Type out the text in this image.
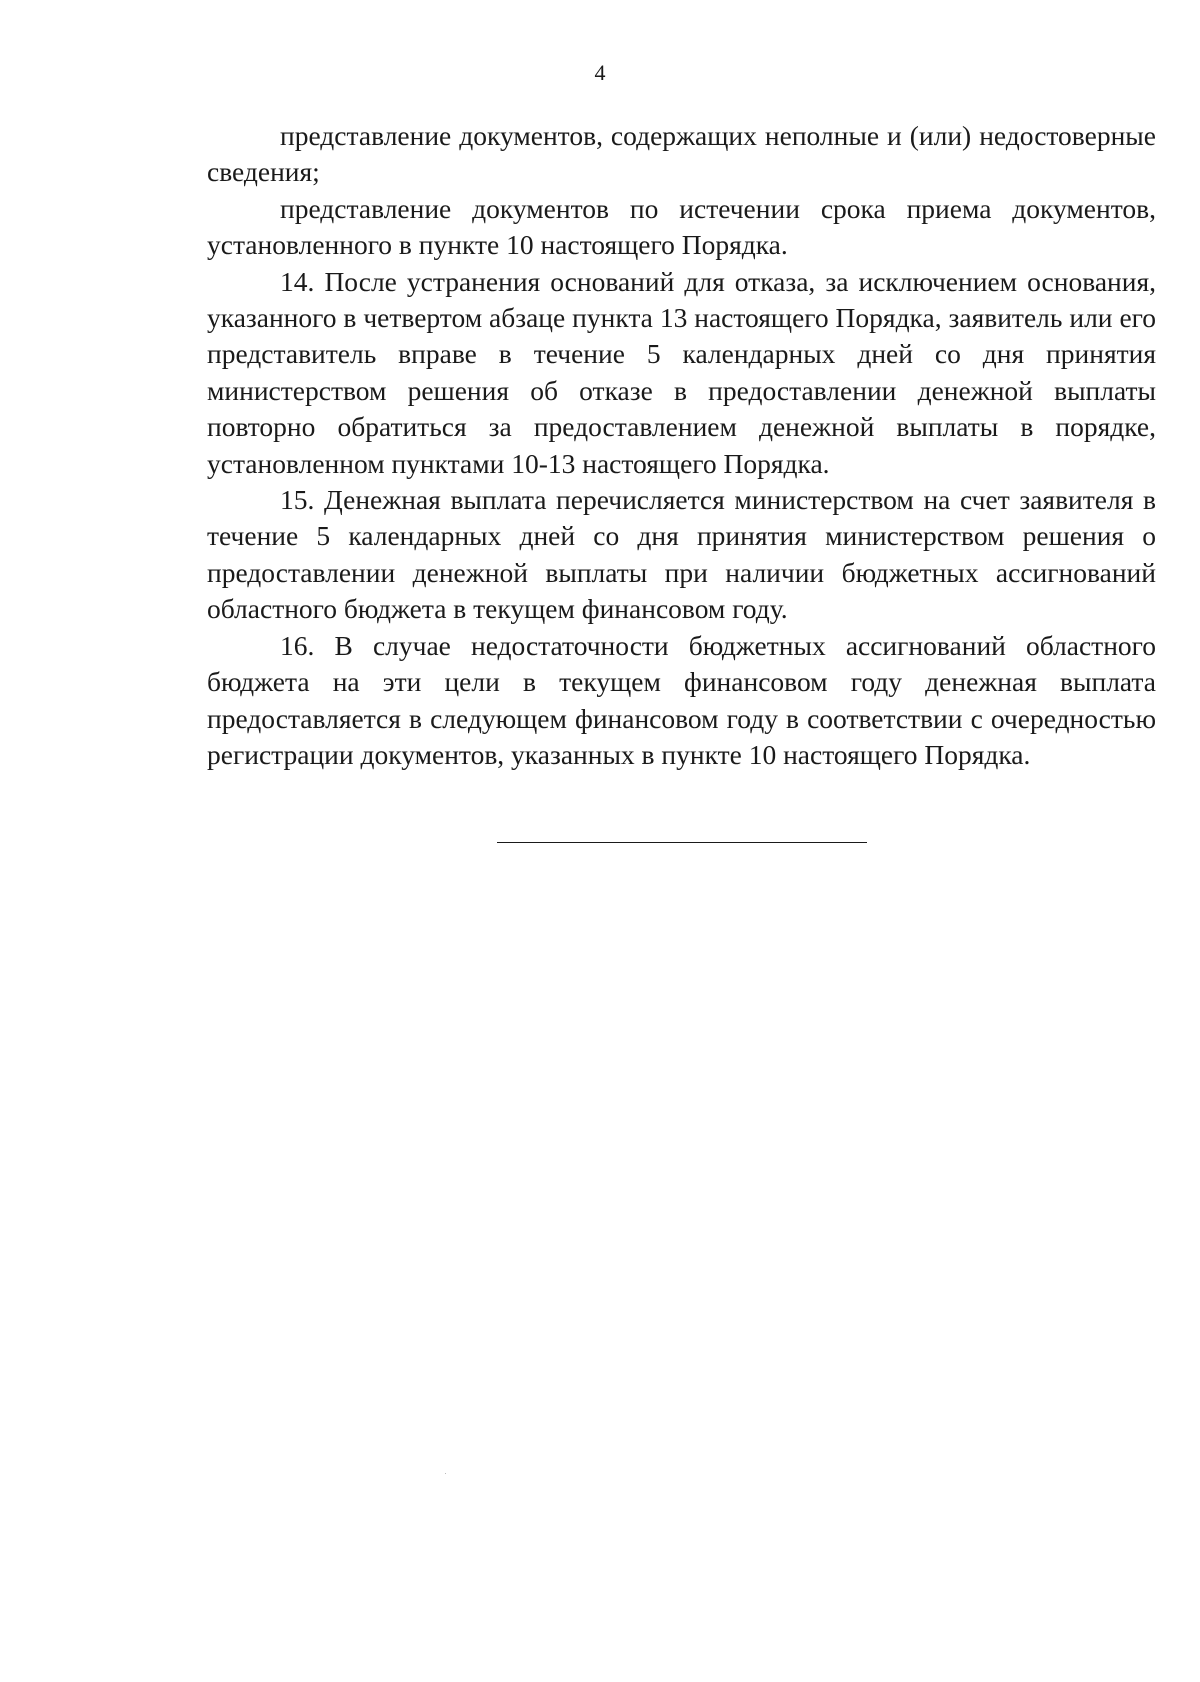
4

представление документов, содержащих неполные и (или) недостоверные сведения;

представление документов по истечении срока приема документов, установленного в пункте 10 настоящего Порядка.

14. После устранения оснований для отказа, за исключением основания, указанного в четвертом абзаце пункта 13 настоящего Порядка, заявитель или его представитель вправе в течение 5 календарных дней со дня принятия министерством решения об отказе в предоставлении денежной выплаты повторно обратиться за предоставлением денежной выплаты в порядке, установленном пунктами 10-13 настоящего Порядка.

15. Денежная выплата перечисляется министерством на счет заявителя в течение 5 календарных дней со дня принятия министерством решения о предоставлении денежной выплаты при наличии бюджетных ассигнований областного бюджета в текущем финансовом году.

16. В случае недостаточности бюджетных ассигнований областного бюджета на эти цели в текущем финансовом году денежная выплата предоставляется в следующем финансовом году в соответствии с очередностью регистрации документов, указанных в пункте 10 настоящего Порядка.
